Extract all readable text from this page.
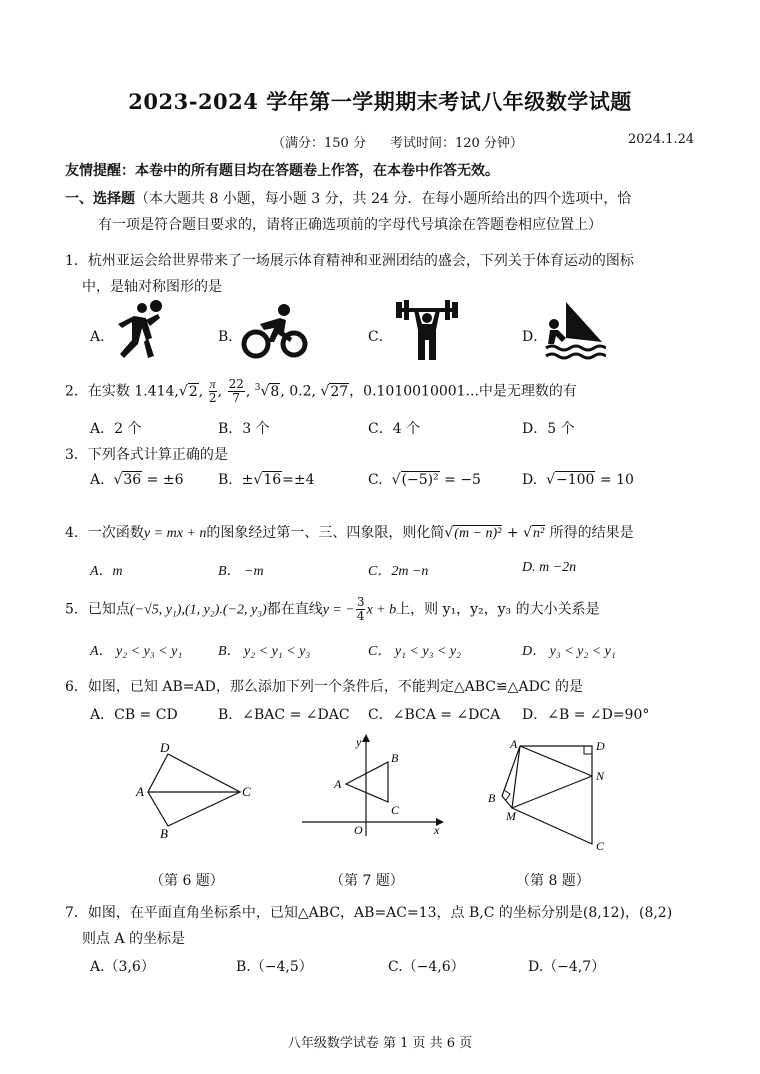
2023-2024 学年第一学期期末考试八年级数学试题
（满分：150 分 考试时间：120 分钟）	2024.1.24
友情提醒：本卷中的所有题目均在答题卷上作答，在本卷中作答无效。
一、选择题（本大题共 8 小题，每小题 3 分，共 24 分．在每小题所给出的四个选项中，恰
有一项是符合题目要求的，请将正确选项前的字母代号填涂在答题卷相应位置上）
1．杭州亚运会给世界带来了一场展示体育精神和亚洲团结的盛会，下列关于体育运动的图标
中，是轴对称图形的是
A．	B．	C．	D．
2．在实数 1.414,√2, $\frac{\pi}{2}$ , $\frac{22}{7}$ , $^3$√8, 0.2̇, √27，0.1010010001...中是无理数的有
A．2 个	B．3 个	C．4 个	D．5 个
3．下列各式计算正确的是
A. √36 = ±6 B. ±√16=±4	C. √(−5)² = −5	D. √−100 = 10
4．一次函数y = mx + n的图象经过第一、三、四象限，则化简√(m − n)² + √n² 所得的结果是
A．m	B． −m	C．2m −n	D. m −2n
5．已知点(−√5, y₁),(1, y₂).(−2, y₃)都在直线y = − $\frac{3}{4}$ x + b上，则 y₁，y₂，y₃ 的大小关系是
A． y₂ < y₃ < y₁	B． y₂ < y₁ < y₃	C． y₁ < y₃ < y₂	D． y₃ < y₂ < y₁
6．如图，已知 AB=AD，那么添加下列一个条件后，不能判定△ABC≌△ADC 的是
A．CB = CD	B．∠BAC = ∠DAC C．∠BCA = ∠DCA D．∠B = ∠D=90°
D
A	C
B
（第 6 题）
y
B
A
C
O	x
（第 7 题）
A	D
N
B
M
C
（第 8 题）
7．如图，在平面直角坐标系中，已知△ABC，AB=AC=13，点 B,C 的坐标分别是(8,12)，(8,2)
则点 A 的坐标是
A.（3,6）	B.（−4,5）	C.（−4,6）	D.（−4,7）
八年级数学试卷 第 1 页 共 6 页
